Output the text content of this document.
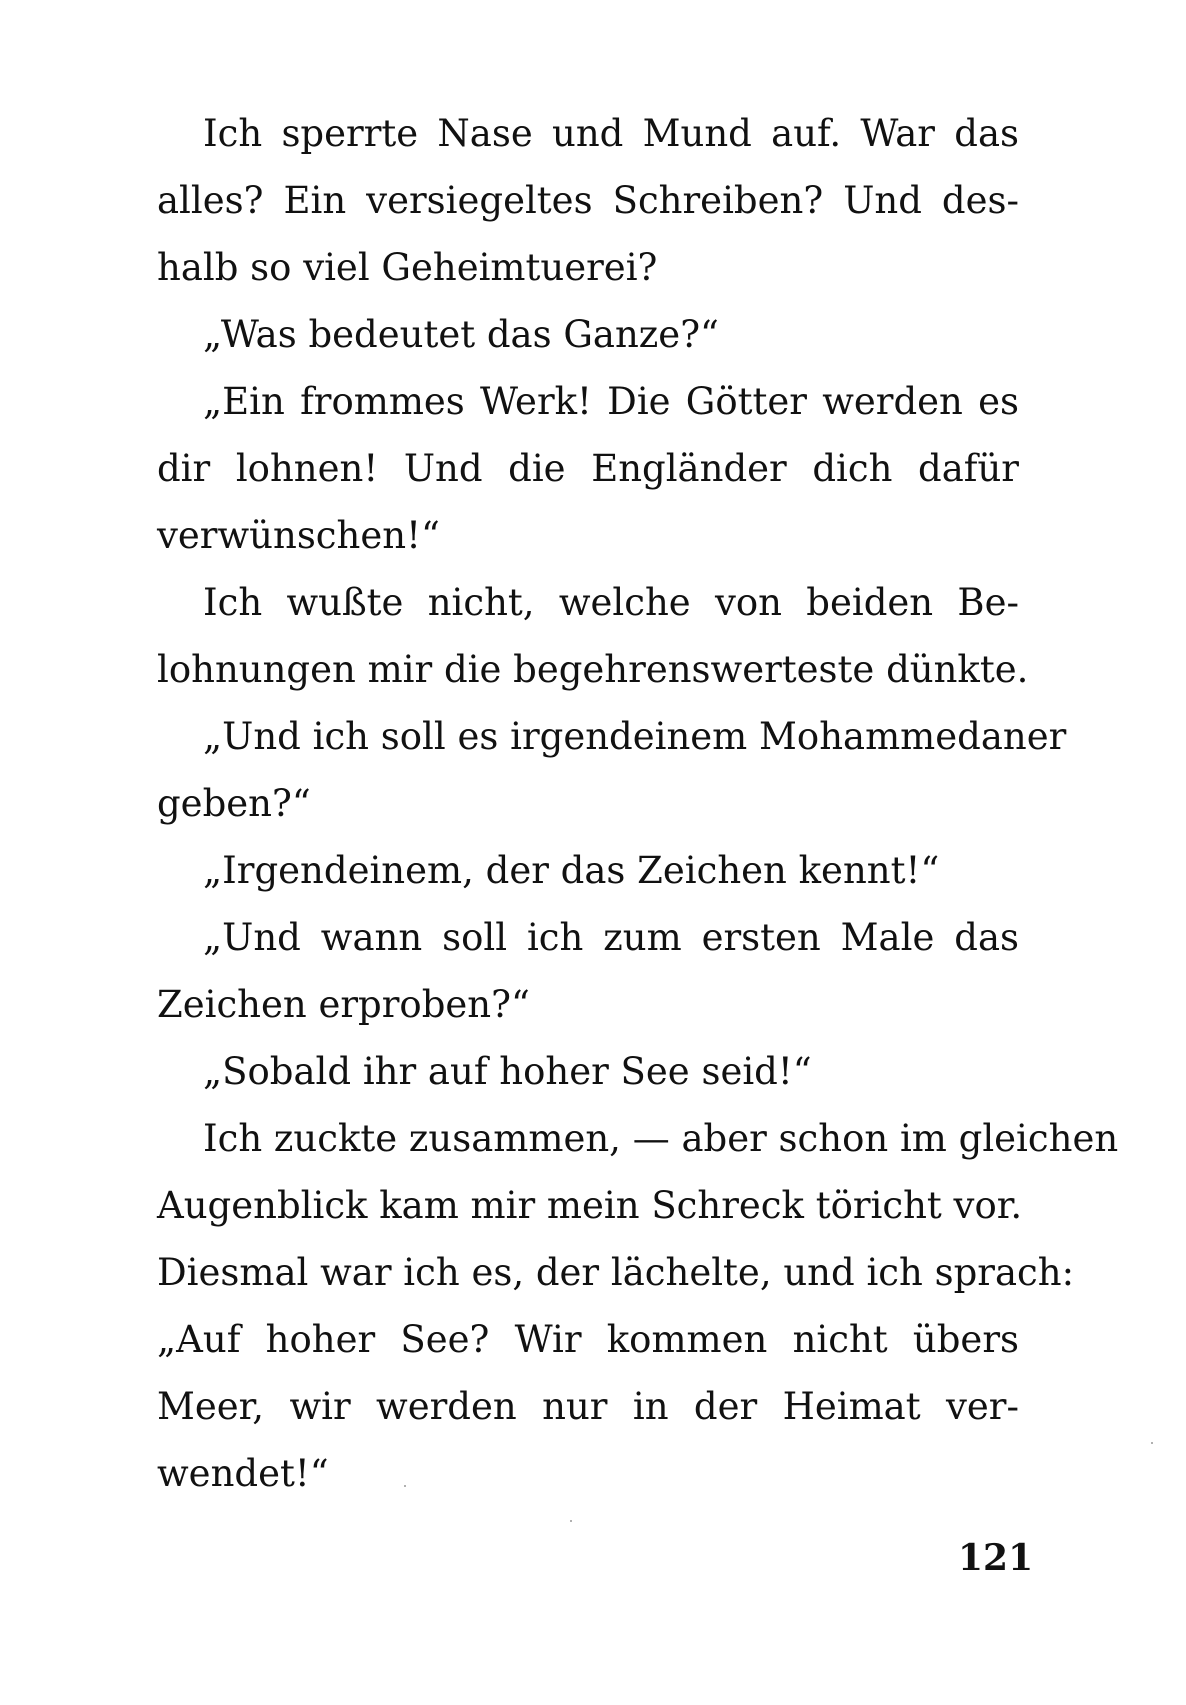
Ich sperrte Nase und Mund auf. War das
alles? Ein versiegeltes Schreiben? Und des-
halb so viel Geheimtuerei?
„Was bedeutet das Ganze?“
„Ein frommes Werk! Die Götter werden es
dir lohnen! Und die Engländer dich dafür
verwünschen!“
Ich wußte nicht, welche von beiden Be-
lohnungen mir die begehrenswerteste dünkte.
„Und ich soll es irgendeinem Mohammedaner
geben?“
„Irgendeinem, der das Zeichen kennt!“
„Und wann soll ich zum ersten Male das
Zeichen erproben?“
„Sobald ihr auf hoher See seid!“
Ich zuckte zusammen, — aber schon im gleichen
Augenblick kam mir mein Schreck töricht vor.
Diesmal war ich es, der lächelte, und ich sprach:
„Auf hoher See? Wir kommen nicht übers
Meer, wir werden nur in der Heimat ver-
wendet!“
121
